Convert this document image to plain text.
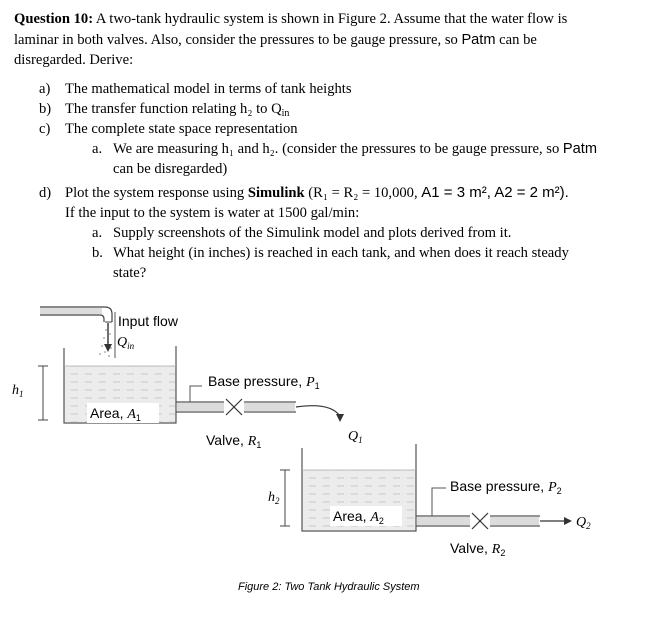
Question 10: A two-tank hydraulic system is shown in Figure 2. Assume that the water flow is
laminar in both valves. Also, consider the pressures to be gauge pressure, so Patm can be
disregarded. Derive:
a) The mathematical model in terms of tank heights
b) The transfer function relating h₂ to $Q_{in}$
c) The complete state space representation
a. We are measuring h₁ and h₂. (consider the pressures to be gauge pressure, so Patm
can be disregarded)
d) Plot the system response using Simulink (R₁ = R₂ = 10,000, A1 = 3 m², A2 = 2 m²).
If the input to the system is water at 1500 gal/min:
a. Supply screenshots of the Simulink model and plots derived from it.
b. What height (in inches) is reached in each tank, and when does it reach steady
state?
Input flow
$Q_{in}$
$h_1$
Area, $A_1$
Base pressure, $P_1$
Valve, $R_1$
$Q_1$
$h_2$
Area, $A_2$
Base pressure, $P_2$
Valve, $R_2$
$Q_2$
Figure 2: Two Tank Hydraulic System
